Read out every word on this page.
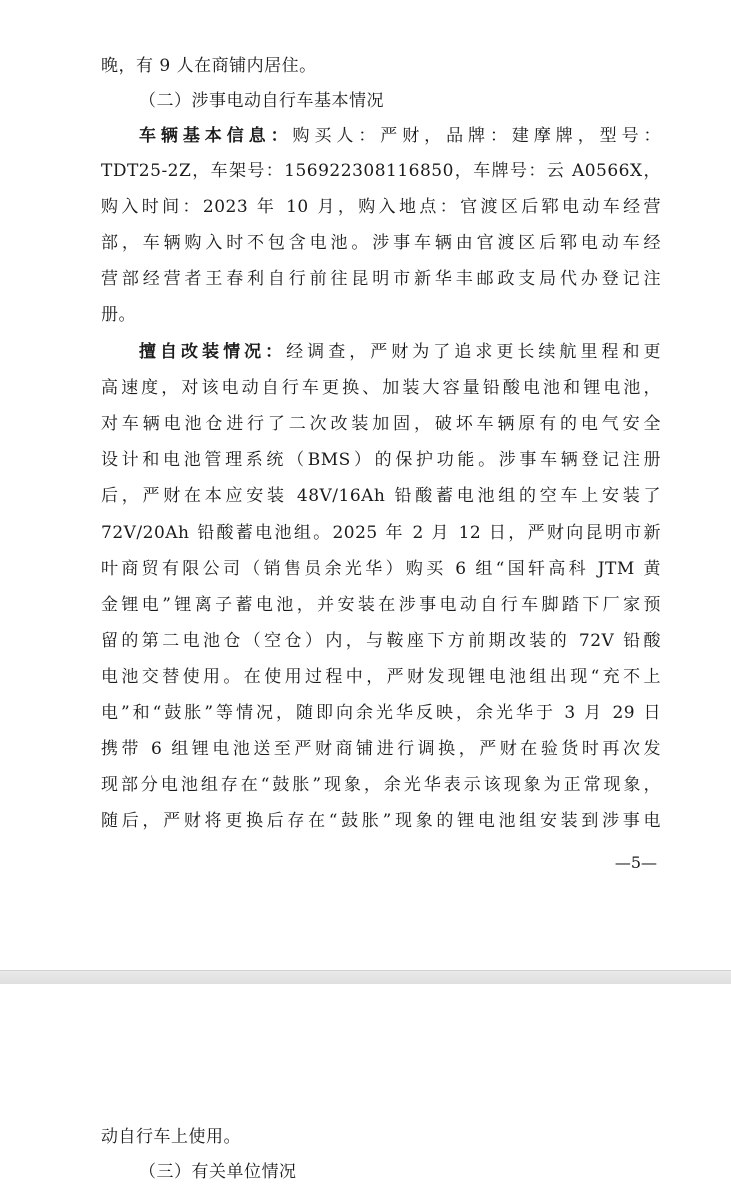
晚，有 9 人在商铺内居住。
（二）涉事电动自行车基本情况
车辆基本信息：购买人：严财，品牌：建摩牌，型号：
TDT25-2Z，车架号：156922308116850，车牌号：云 A0566X，
购入时间：2023 年 10 月，购入地点：官渡区后郓电动车经营
部，车辆购入时不包含电池。涉事车辆由官渡区后郓电动车经
营部经营者王春利自行前往昆明市新华丰邮政支局代办登记注
册。
擅自改装情况：经调查，严财为了追求更长续航里程和更
高速度，对该电动自行车更换、加装大容量铅酸电池和锂电池，
对车辆电池仓进行了二次改装加固，破坏车辆原有的电气安全
设计和电池管理系统（BMS）的保护功能。涉事车辆登记注册
后，严财在本应安装 48V/16Ah 铅酸蓄电池组的空车上安装了
72V/20Ah 铅酸蓄电池组。2025 年 2 月 12 日，严财向昆明市新
叶商贸有限公司（销售员余光华）购买 6 组“国轩高科 JTM 黄
金锂电”锂离子蓄电池，并安装在涉事电动自行车脚踏下厂家预
留的第二电池仓（空仓）内，与鞍座下方前期改装的 72V 铅酸
电池交替使用。在使用过程中，严财发现锂电池组出现“充不上
电”和“鼓胀”等情况，随即向余光华反映，余光华于 3 月 29 日
携带 6 组锂电池送至严财商铺进行调换，严财在验货时再次发
现部分电池组存在“鼓胀”现象，余光华表示该现象为正常现象，
随后，严财将更换后存在“鼓胀”现象的锂电池组安装到涉事电
—5—
动自行车上使用。
（三）有关单位情况
